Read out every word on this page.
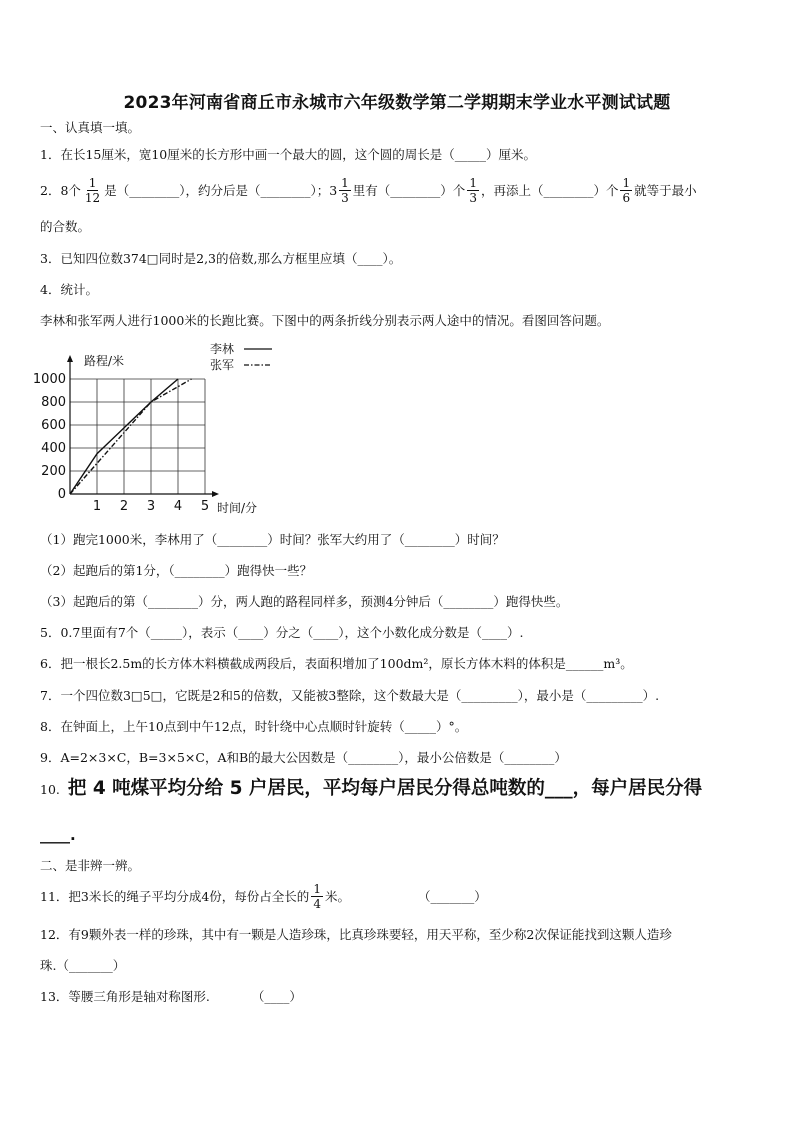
2023年河南省商丘市永城市六年级数学第二学期期末学业水平测试试题
一、认真填一填。
1．在长15厘米，宽10厘米的长方形中画一个最大的圆，这个圆的周长是（_____）厘米。
2．8个 $\frac{1}{12}$ 是（________），约分后是（________）；$3 \frac{1}{3}$ 里有（________）个 $\frac{1}{3}$ ，再添上（________）个 $\frac{1}{6}$ 就等于最小
的合数。
3．已知四位数374□同时是2,3的倍数,那么方框里应填（____）。
4．统计。
李林和张军两人进行1000米的长跑比赛。下图中的两条折线分别表示两人途中的情况。看图回答问题。
1 2 3 4 5
0
200
400
600
800
1000
路程/米
时间/分
李林
张军
（1）跑完1000米，李林用了（________）时间？张军大约用了（________）时间？
（2）起跑后的第1分，（________）跑得快一些？
（3）起跑后的第（________）分，两人跑的路程同样多，预测4分钟后（________）跑得快些。
5．0.7里面有7个（_____），表示（____）分之（____），这个小数化成分数是（____）.
6．把一根长2.5m的长方体木料横截成两段后，表面积增加了100dm²，原长方体木料的体积是______m³。
7．一个四位数3□5□，它既是2和5的倍数，又能被3整除，这个数最大是（_________），最小是（_________）.
8．在钟面上，上午10点到中午12点，时针绕中心点顺时针旋转（_____）°。
9．A=2×3×C，B=3×5×C，A和B的最大公因数是（________），最小公倍数是（________）
10. 把 4 吨煤平均分给 5 户居民，平均每户居民分得总吨数的___，每户居民分得
____.
二、是非辨一辨。
11．把3米长的绳子平均分成4份，每份占全长的 $\frac{1}{4}$ 米。	（_______）
12．有9颗外表一样的珍珠，其中有一颗是人造珍珠，比真珍珠要轻，用天平称，至少称2次保证能找到这颗人造珍
珠.（_______）
13．等腰三角形是轴对称图形.	（____）
